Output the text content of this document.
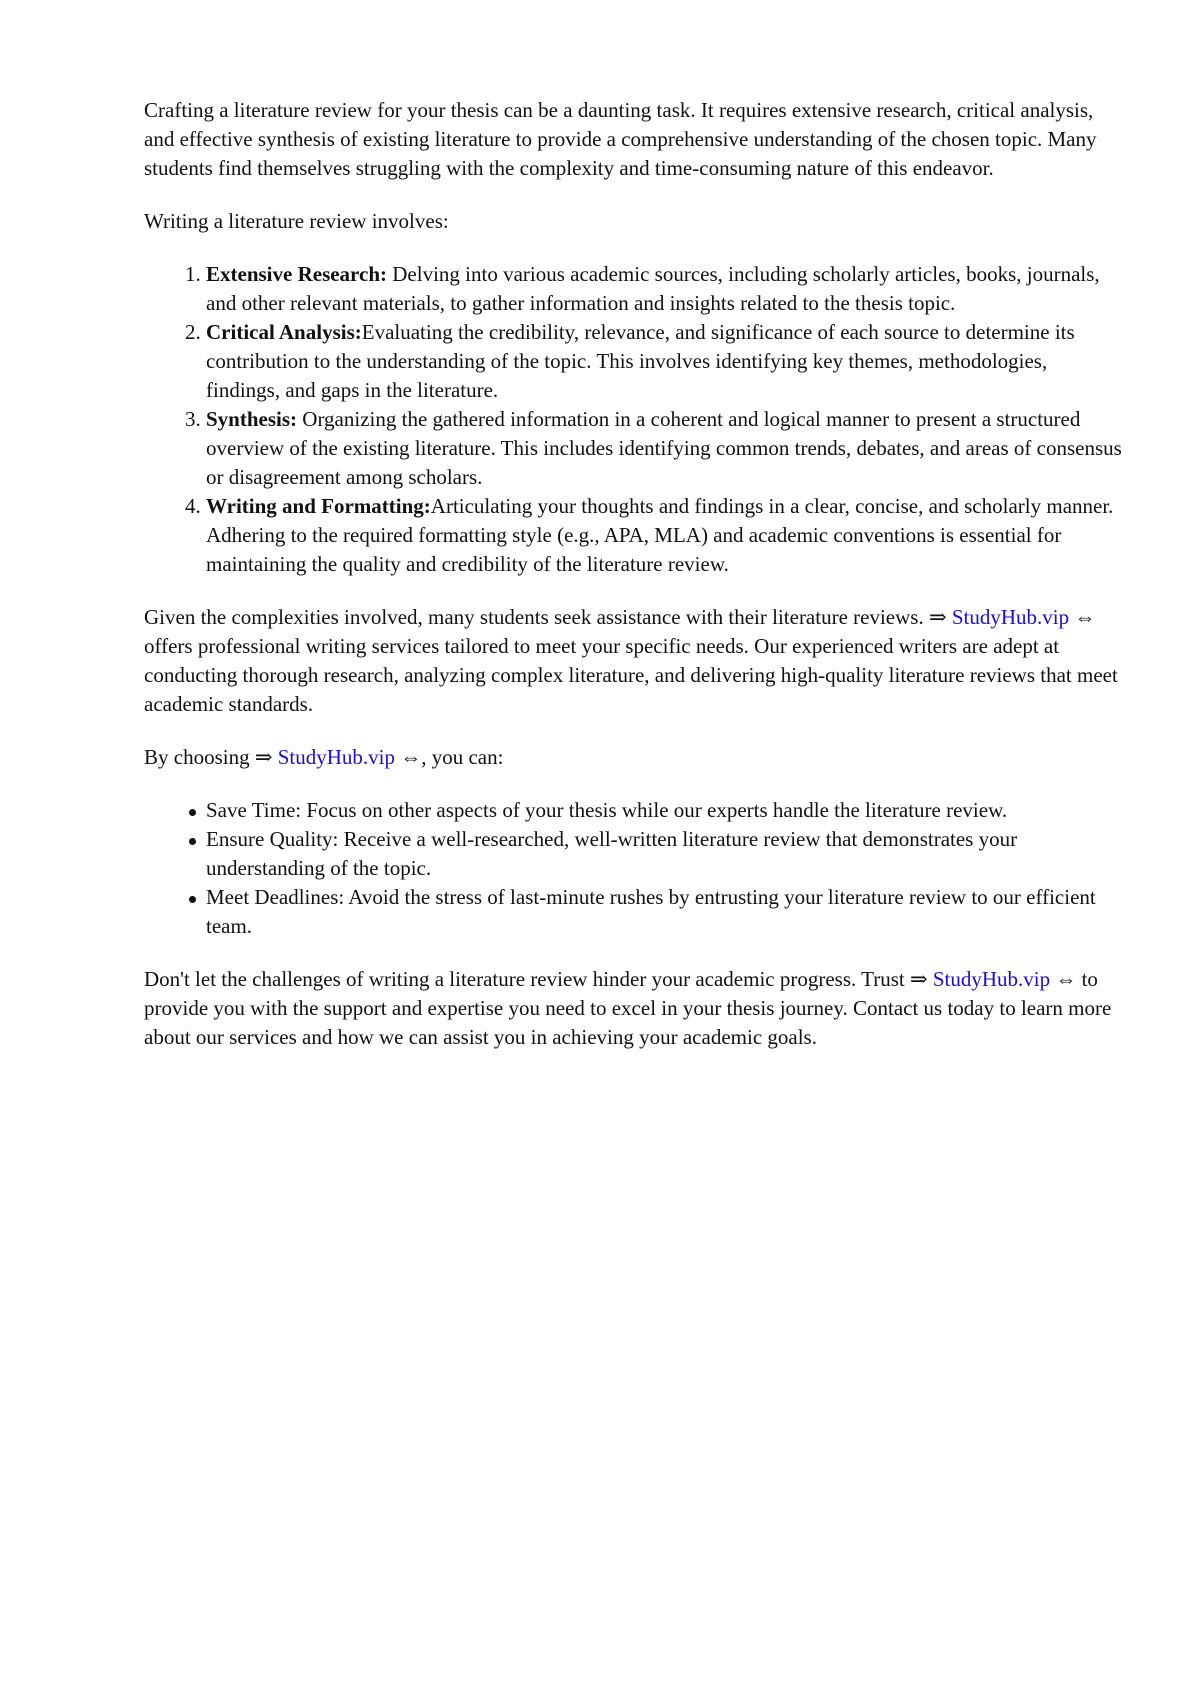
Crafting a literature review for your thesis can be a daunting task. It requires extensive research, critical analysis, and effective synthesis of existing literature to provide a comprehensive understanding of the chosen topic. Many students find themselves struggling with the complexity and time-consuming nature of this endeavor.

Writing a literature review involves:

1. Extensive Research: Delving into various academic sources, including scholarly articles, books, journals, and other relevant materials, to gather information and insights related to the thesis topic.
2. Critical Analysis:Evaluating the credibility, relevance, and significance of each source to determine its contribution to the understanding of the topic. This involves identifying key themes, methodologies, findings, and gaps in the literature.
3. Synthesis: Organizing the gathered information in a coherent and logical manner to present a structured overview of the existing literature. This includes identifying common trends, debates, and areas of consensus or disagreement among scholars.
4. Writing and Formatting:Articulating your thoughts and findings in a clear, concise, and scholarly manner. Adhering to the required formatting style (e.g., APA, MLA) and academic conventions is essential for maintaining the quality and credibility of the literature review.

Given the complexities involved, many students seek assistance with their literature reviews. ⇒ StudyHub.vip ⇔ offers professional writing services tailored to meet your specific needs. Our experienced writers are adept at conducting thorough research, analyzing complex literature, and delivering high-quality literature reviews that meet academic standards.

By choosing ⇒ StudyHub.vip ⇔, you can:

Save Time: Focus on other aspects of your thesis while our experts handle the literature review.
Ensure Quality: Receive a well-researched, well-written literature review that demonstrates your understanding of the topic.
Meet Deadlines: Avoid the stress of last-minute rushes by entrusting your literature review to our efficient team.

Don't let the challenges of writing a literature review hinder your academic progress. Trust ⇒ StudyHub.vip ⇔ to provide you with the support and expertise you need to excel in your thesis journey. Contact us today to learn more about our services and how we can assist you in achieving your academic goals.
